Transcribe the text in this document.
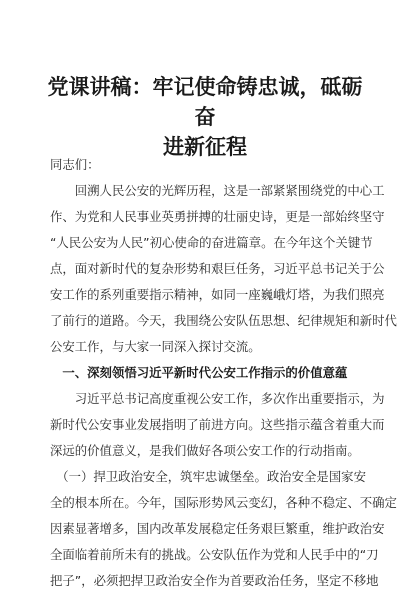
党课讲稿：牢记使命铸忠诚，砥砺奋
进新征程
同志们：
　　回溯人民公安的光辉历程，这是一部紧紧围绕党的中心工
作、为党和人民事业英勇拼搏的壮丽史诗，更是一部始终坚守
“人民公安为人民”初心使命的奋进篇章。在今年这个关键节
点，面对新时代的复杂形势和艰巨任务，习近平总书记关于公
安工作的系列重要指示精神，如同一座巍峨灯塔，为我们照亮
了前行的道路。今天，我围绕公安队伍思想、纪律规矩和新时代
公安工作，与大家一同深入探讨交流。
　一、深刻领悟习近平新时代公安工作指示的价值意蕴
　　习近平总书记高度重视公安工作，多次作出重要指示，为
新时代公安事业发展指明了前进方向。这些指示蕴含着重大而
深远的价值意义，是我们做好各项公安工作的行动指南。
　（一）捍卫政治安全，筑牢忠诚堡垒。政治安全是国家安
全的根本所在。今年，国际形势风云变幻，各种不稳定、不确定
因素显著增多，国内改革发展稳定任务艰巨繁重，维护政治安
全面临着前所未有的挑战。公安队伍作为党和人民手中的“刀
把子”，必须把捍卫政治安全作为首要政治任务，坚定不移地
